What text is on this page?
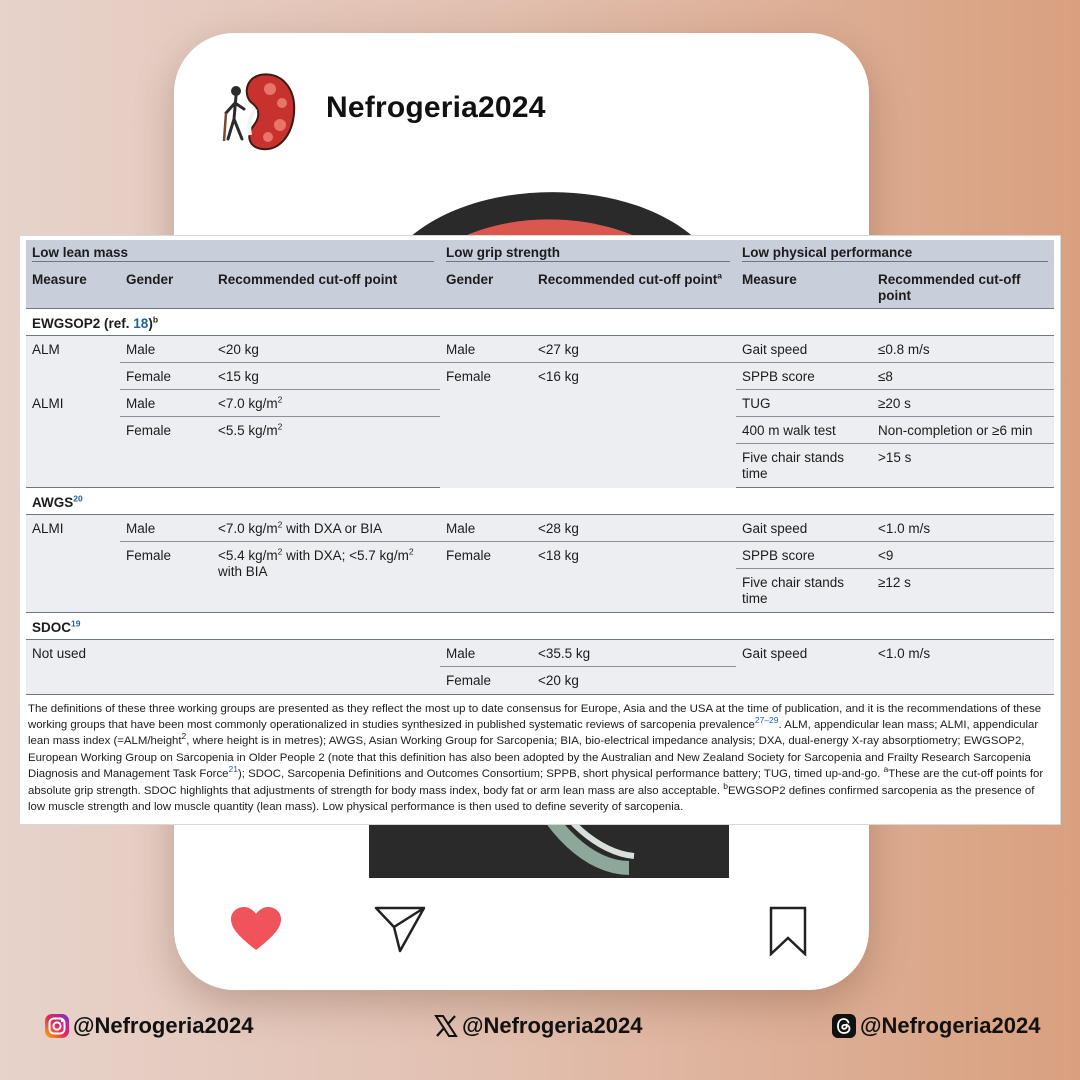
Nefrogeria2024
Low lean mass			Low grip strength		Low physical performance	

Measure	Gender	Recommended cut-off point	Gender	Recommended cut-off point$^a$	Measure	Recommended cut-off point
EWGSOP2 (ref. 18)$^b$
ALM	Male	<20 kg	Male	<27 kg	Gait speed	≤0.8 m/s
	Female	<15 kg	Female	<16 kg	SPPB score	≤8
ALMI	Male	<7.0 $kg/m^2$			TUG	≥20 s
	Female	<5.5 $kg/m^2$			400 m walk test	Non-completion or ≥6 min
					Five chair stands time	>15 s
AWGS$^{20}$
ALMI	Male	<7.0 $kg/m^2$ with DXA or BIA	Male	<28 kg	Gait speed	<1.0 m/s
	Female	<5.4 $kg/m^2$ with DXA; <5.7 $kg/m^2$ with BIA	Female	<18 kg	SPPB score	<9
					Five chair stands time	≥12 s
SDOC$^{19}$
Not used			Male	<35.5 kg	Gait speed	<1.0 m/s
			Female	<20 kg		

The definitions of these three working groups are presented as they reflect the most up to date consensus for Europe, Asia and the USA at the time of publication, and it is the recommendations of these working groups that have been most commonly operationalized in studies synthesized in published systematic reviews of sarcopenia prevalence$^{27-29}$. ALM, appendicular lean mass; ALMI, appendicular lean mass index (=ALM/height$^2$, where height is in metres); AWGS, Asian Working Group for Sarcopenia; BIA, bio-electrical impedance analysis; DXA, dual-energy X-ray absorptiometry; EWGSOP2, European Working Group on Sarcopenia in Older People 2 (note that this definition has also been adopted by the Australian and New Zealand Society for Sarcopenia and Frailty Research Sarcopenia Diagnosis and Management Task Force$^{21}$); SDOC, Sarcopenia Definitions and Outcomes Consortium; SPPB, short physical performance battery; TUG, timed up-and-go. $^a$These are the cut-off points for absolute grip strength. SDOC highlights that adjustments of strength for body mass index, body fat or arm lean mass are also acceptable. $^b$EWGSOP2 defines confirmed sarcopenia as the presence of low muscle strength and low muscle quantity (lean mass). Low physical performance is then used to define severity of sarcopenia.

@Nefrogeria2024	@Nefrogeria2024	@Nefrogeria2024
